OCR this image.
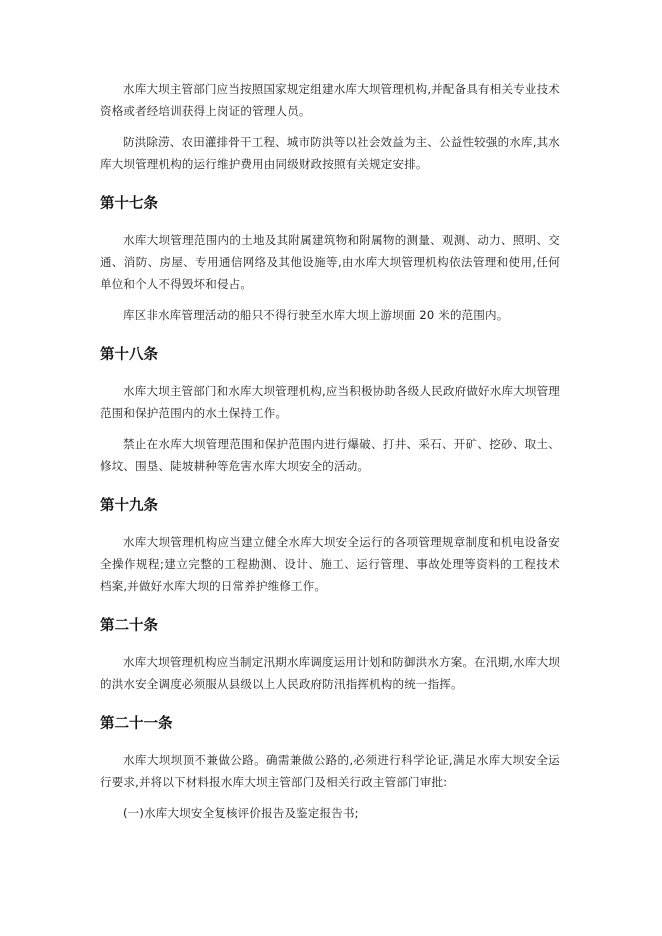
水库大坝主管部门应当按照国家规定组建水库大坝管理机构,并配备具有相关专业技术资格或者经培训获得上岗证的管理人员。

防洪除涝、农田灌排骨干工程、城市防洪等以社会效益为主、公益性较强的水库,其水库大坝管理机构的运行维护费用由同级财政按照有关规定安排。

第十七条

水库大坝管理范围内的土地及其附属建筑物和附属物的测量、观测、动力、照明、交通、消防、房屋、专用通信网络及其他设施等,由水库大坝管理机构依法管理和使用,任何单位和个人不得毁坏和侵占。

库区非水库管理活动的船只不得行驶至水库大坝上游坝面 20 米的范围内。

第十八条

水库大坝主管部门和水库大坝管理机构,应当积极协助各级人民政府做好水库大坝管理范围和保护范围内的水土保持工作。

禁止在水库大坝管理范围和保护范围内进行爆破、打井、采石、开矿、挖砂、取土、修坟、围垦、陡坡耕种等危害水库大坝安全的活动。

第十九条

水库大坝管理机构应当建立健全水库大坝安全运行的各项管理规章制度和机电设备安全操作规程;建立完整的工程勘测、设计、施工、运行管理、事故处理等资料的工程技术档案,并做好水库大坝的日常养护维修工作。

第二十条

水库大坝管理机构应当制定汛期水库调度运用计划和防御洪水方案。在汛期,水库大坝的洪水安全调度必须服从县级以上人民政府防汛指挥机构的统一指挥。

第二十一条

水库大坝坝顶不兼做公路。确需兼做公路的,必须进行科学论证,满足水库大坝安全运行要求,并将以下材料报水库大坝主管部门及相关行政主管部门审批:

(一)水库大坝安全复核评价报告及鉴定报告书;
